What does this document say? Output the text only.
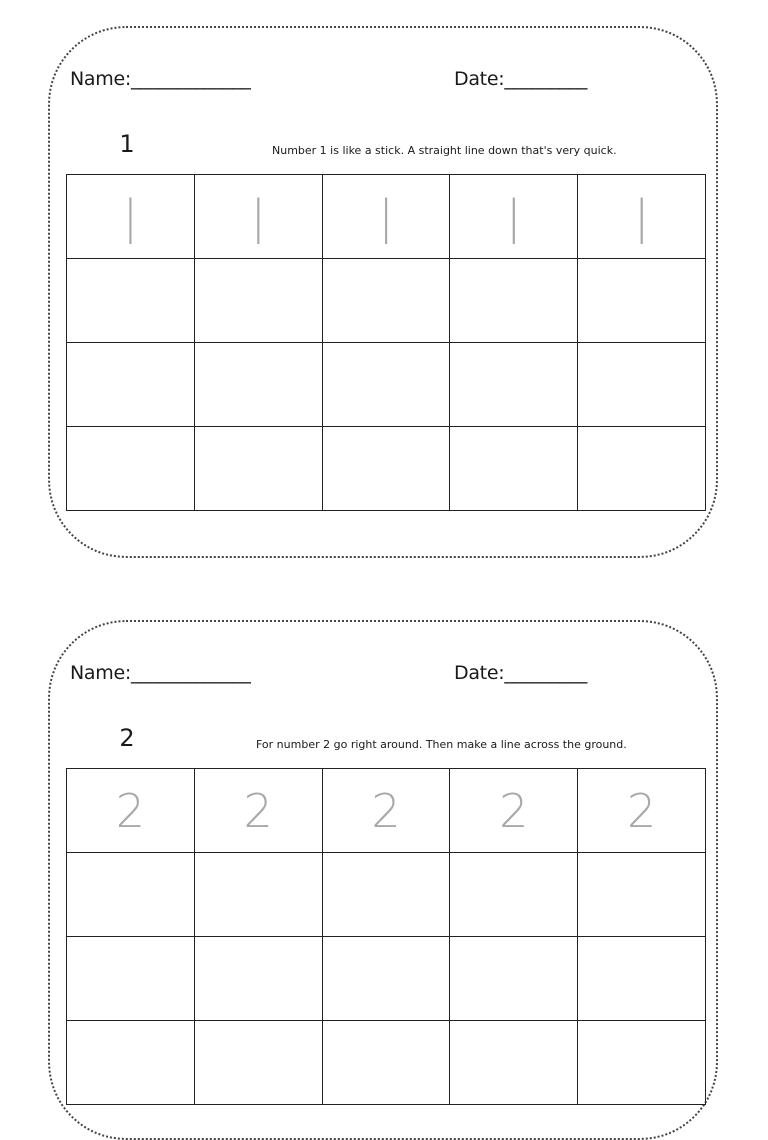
Name:_____________	Date:_________
1	Number 1 is like a stick. A straight line down that's very quick.
|	|	|	|	|

Name:_____________	Date:_________
2	For number 2 go right around. Then make a line across the ground.
2	2	2	2	2
